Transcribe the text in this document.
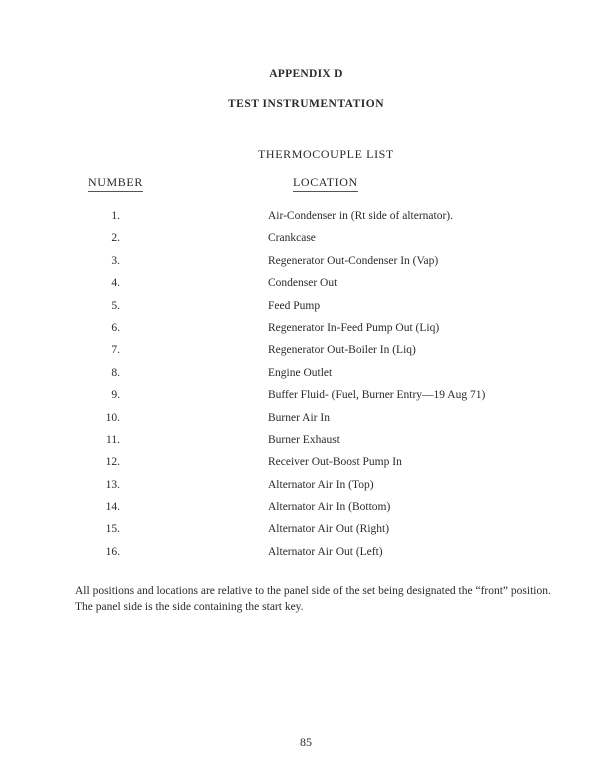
APPENDIX D
TEST INSTRUMENTATION
THERMOCOUPLE LIST
NUMBER	LOCATION
1.	Air-Condenser in (Rt side of alternator).
2.	Crankcase
3.	Regenerator Out-Condenser In (Vap)
4.	Condenser Out
5.	Feed Pump
6.	Regenerator In-Feed Pump Out (Liq)
7.	Regenerator Out-Boiler In (Liq)
8.	Engine Outlet
9.	Buffer Fluid- (Fuel, Burner Entry—19 Aug 71)
10.	Burner Air In
11.	Burner Exhaust
12.	Receiver Out-Boost Pump In
13.	Alternator Air In (Top)
14.	Alternator Air In (Bottom)
15.	Alternator Air Out (Right)
16.	Alternator Air Out (Left)
All positions and locations are relative to the panel side of the set being designated the “front” position. The panel side is the side containing the start key.
85
